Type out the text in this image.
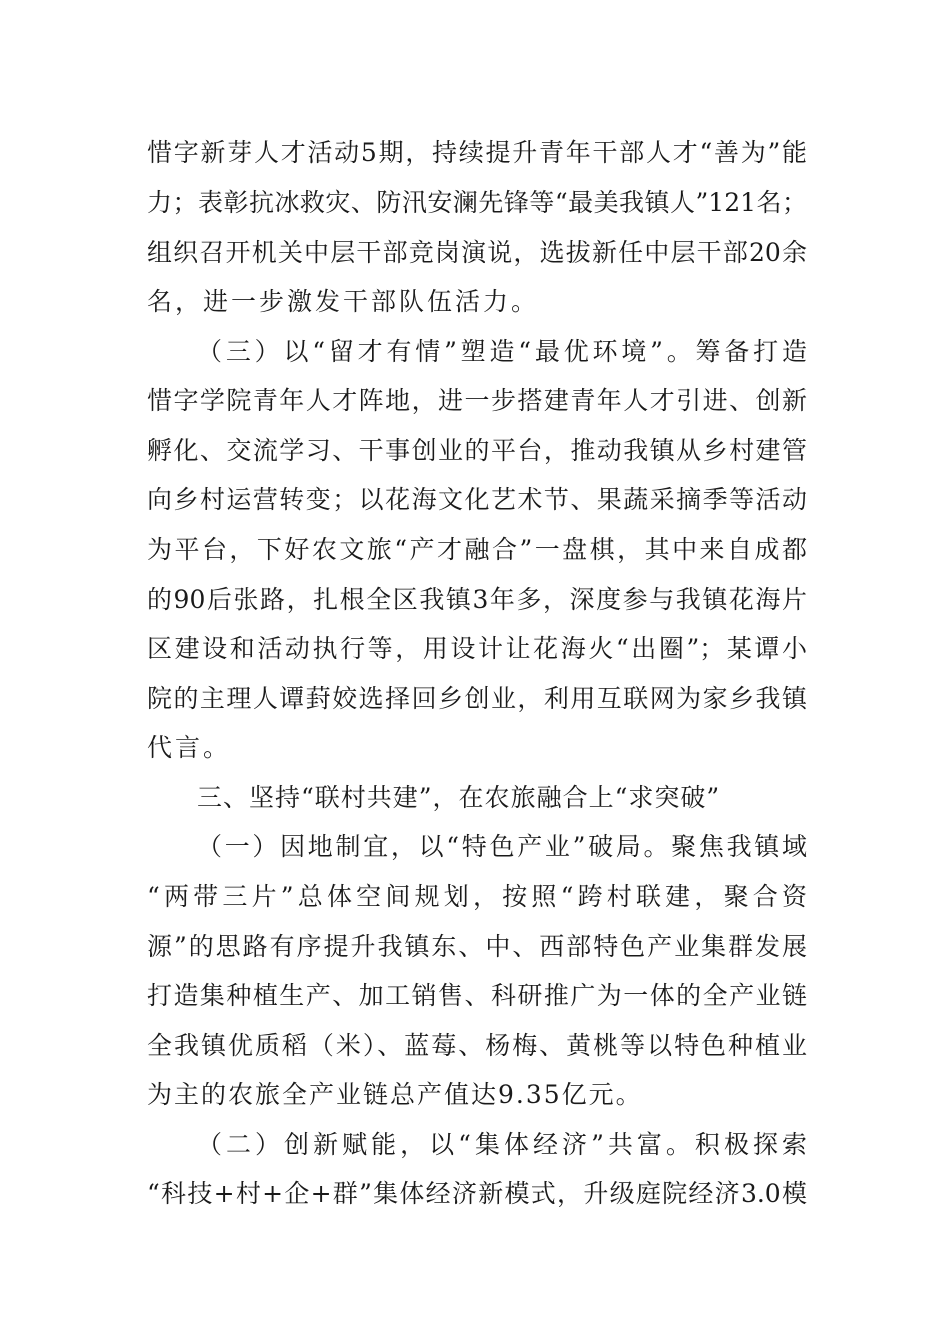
惜字新芽人才活动5期，持续提升青年干部人才“善为”能
力；表彰抗冰救灾、防汛安澜先锋等“最美我镇人”121名；
组织召开机关中层干部竞岗演说，选拔新任中层干部20余
名，进一步激发干部队伍活力。
（三）以“留才有情”塑造“最优环境”。筹备打造
惜字学院青年人才阵地，进一步搭建青年人才引进、创新
孵化、交流学习、干事创业的平台，推动我镇从乡村建管
向乡村运营转变；以花海文化艺术节、果蔬采摘季等活动
为平台，下好农文旅“产才融合”一盘棋，其中来自成都
的90后张路，扎根全区我镇3年多，深度参与我镇花海片
区建设和活动执行等，用设计让花海火“出圈”；某谭小
院的主理人谭葑姣选择回乡创业，利用互联网为家乡我镇
代言。
三、坚持“联村共建”，在农旅融合上“求突破”
（一）因地制宜，以“特色产业”破局。聚焦我镇域
“两带三片”总体空间规划，按照“跨村联建，聚合资
源”的思路有序提升我镇东、中、西部特色产业集群发展
打造集种植生产、加工销售、科研推广为一体的全产业链
全我镇优质稻（米）、蓝莓、杨梅、黄桃等以特色种植业
为主的农旅全产业链总产值达9.35亿元。
（二）创新赋能，以“集体经济”共富。积极探索
“科技+村+企+群”集体经济新模式，升级庭院经济3.0模
